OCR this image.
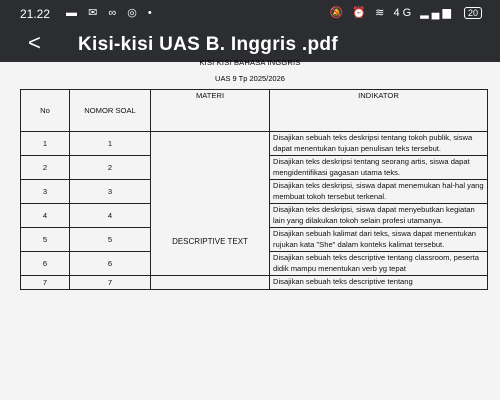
21.22 ▬ ✉ ∞ ◎ •	🔕 ⏰ ≋ 4G ▂▄▆ 20
< Kisi-kisi UAS B. Inggris .pdf
KISI KISI BAHASA INGGRIS
UAS 9 Tp 2025/2026
No	NOMOR SOAL	MATERI	INDIKATOR
1	1	DESCRIPTIVE TEXT	Disajikan sebuah teks deskripsi tentang tokoh publik, siswa dapat menentukan tujuan penulisan teks tersebut.
2	2		Disajikan teks deskripsi tentang seorang artis, siswa dapat mengidentifikasi gagasan utama teks.
3	3		Disajikan teks deskripsi, siswa dapat menemukan hal-hal yang membuat tokoh tersebut terkenal.
4	4		Disajikan teks deskripsi, siswa dapat menyebutkan kegiatan lain yang dilakukan tokoh selain profesi utamanya.
5	5		Disajikan sebuah kalimat dari teks, siswa dapat menentukan rujukan kata "She" dalam konteks kalimat tersebut.
6	6		Disajikan sebuah teks descriptive tentang classroom, peserta didik mampu menentukan verb yg tepat
7	7		Disajikan sebuah teks descriptive tentang
